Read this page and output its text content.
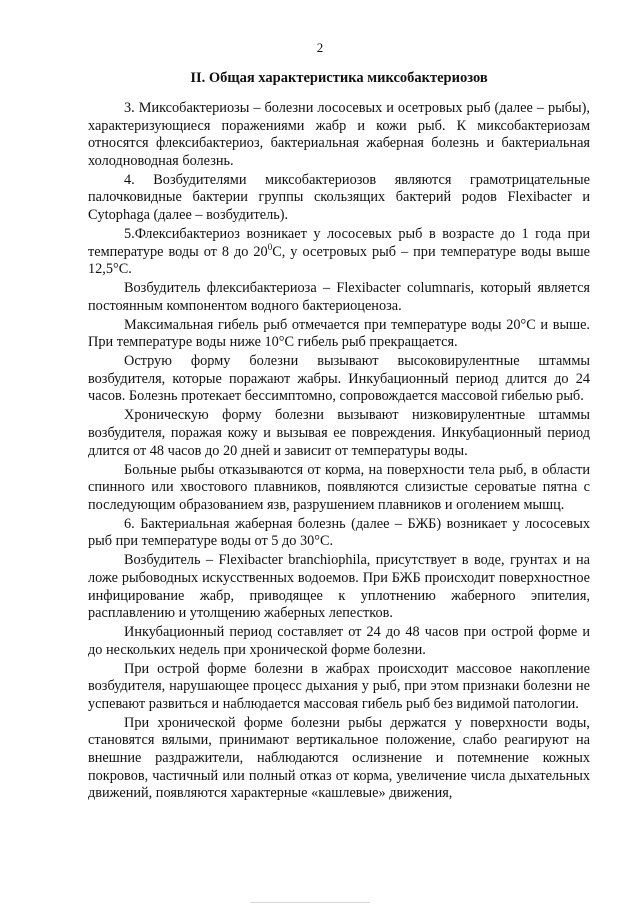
2
II. Общая характеристика миксобактериозов

3. Миксобактериозы – болезни лососевых и осетровых рыб (далее – рыбы), характеризующиеся поражениями жабр и кожи рыб. К миксобактериозам относятся флексибактериоз, бактериальная жаберная болезнь и бактериальная холодноводная болезнь.

4. Возбудителями миксобактериозов являются грамотрицательные палочковидные бактерии группы скользящих бактерий родов Flexibacter и Cytophaga (далее – возбудитель).

5.Флексибактериоз возникает у лососевых рыб в возрасте до 1 года при температуре воды от 8 до $20^0С$, у осетровых рыб – при температуре воды выше 12,5°С.

Возбудитель флексибактериоза – Flexibacter columnaris, который является постоянным компонентом водного бактериоценоза.

Максимальная гибель рыб отмечается при температуре воды 20°С и выше. При температуре воды ниже 10°С гибель рыб прекращается.

Острую форму болезни вызывают высоковирулентные штаммы возбудителя, которые поражают жабры. Инкубационный период длится до 24 часов. Болезнь протекает бессимптомно, сопровождается массовой гибелью рыб.

Хроническую форму болезни вызывают низковирулентные штаммы возбудителя, поражая кожу и вызывая ее повреждения. Инкубационный период длится от 48 часов до 20 дней и зависит от температуры воды.

Больные рыбы отказываются от корма, на поверхности тела рыб, в области спинного или хвостового плавников, появляются слизистые сероватые пятна с последующим образованием язв, разрушением плавников и оголением мышц.

6. Бактериальная жаберная болезнь (далее – БЖБ) возникает у лососевых рыб при температуре воды от 5 до 30°С.

Возбудитель – Flexibacter branchiophila, присутствует в воде, грунтах и на ложе рыбоводных искусственных водоемов. При БЖБ происходит поверхностное инфицирование жабр, приводящее к уплотнению жаберного эпителия, расплавлению и утолщению жаберных лепестков.

Инкубационный период составляет от 24 до 48 часов при острой форме и до нескольких недель при хронической форме болезни.

При острой форме болезни в жабрах происходит массовое накопление возбудителя, нарушающее процесс дыхания у рыб, при этом признаки болезни не успевают развиться и наблюдается массовая гибель рыб без видимой патологии.

При хронической форме болезни рыбы держатся у поверхности воды, становятся вялыми, принимают вертикальное положение, слабо реагируют на внешние раздражители, наблюдаются ослизнение и потемнение кожных покровов, частичный или полный отказ от корма, увеличение числа дыхательных движений, появляются характерные «кашлевые» движения,
